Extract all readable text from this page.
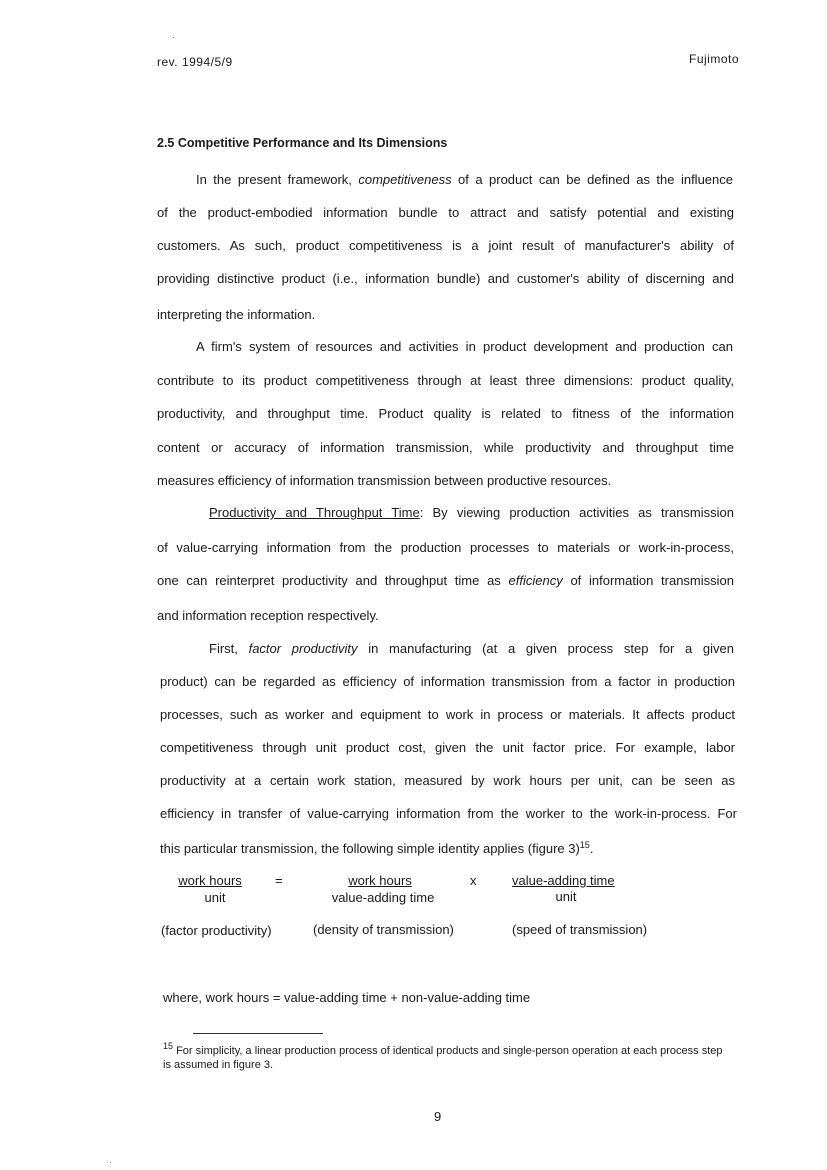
rev. 1994/5/9	Fujimoto
2.5 Competitive Performance and Its Dimensions
In the present framework, competitiveness of a product can be defined as the influence
of the product-embodied information bundle to attract and satisfy potential and existing
customers. As such, product competitiveness is a joint result of manufacturer's ability of
providing distinctive product (i.e., information bundle) and customer's ability of discerning and
interpreting the information.
A firm's system of resources and activities in product development and production can
contribute to its product competitiveness through at least three dimensions: product quality,
productivity, and throughput time. Product quality is related to fitness of the information
content or accuracy of information transmission, while productivity and throughput time
measures efficiency of information transmission between productive resources.
Productivity and Throughput Time: By viewing production activities as transmission
of value-carrying information from the production processes to materials or work-in-process,
one can reinterpret productivity and throughput time as efficiency of information transmission
and information reception respectively.
First, factor productivity in manufacturing (at a given process step for a given
product) can be regarded as efficiency of information transmission from a factor in production
processes, such as worker and equipment to work in process or materials. It affects product
competitiveness through unit product cost, given the unit factor price. For example, labor
productivity at a certain work station, measured by work hours per unit, can be seen as
efficiency in transfer of value-carrying information from the worker to the work-in-process. For
this particular transmission, the following simple identity applies (figure 3)$^{15}$.
work hours
unit
=	work hours
value-adding time
x	value-adding time
unit
(factor productivity)	(density of transmission)	(speed of transmission)
where, work hours = value-adding time + non-value-adding time
$^{15}$ For simplicity, a linear production process of identical products and single-person operation at each process step is assumed in figure 3.
9
